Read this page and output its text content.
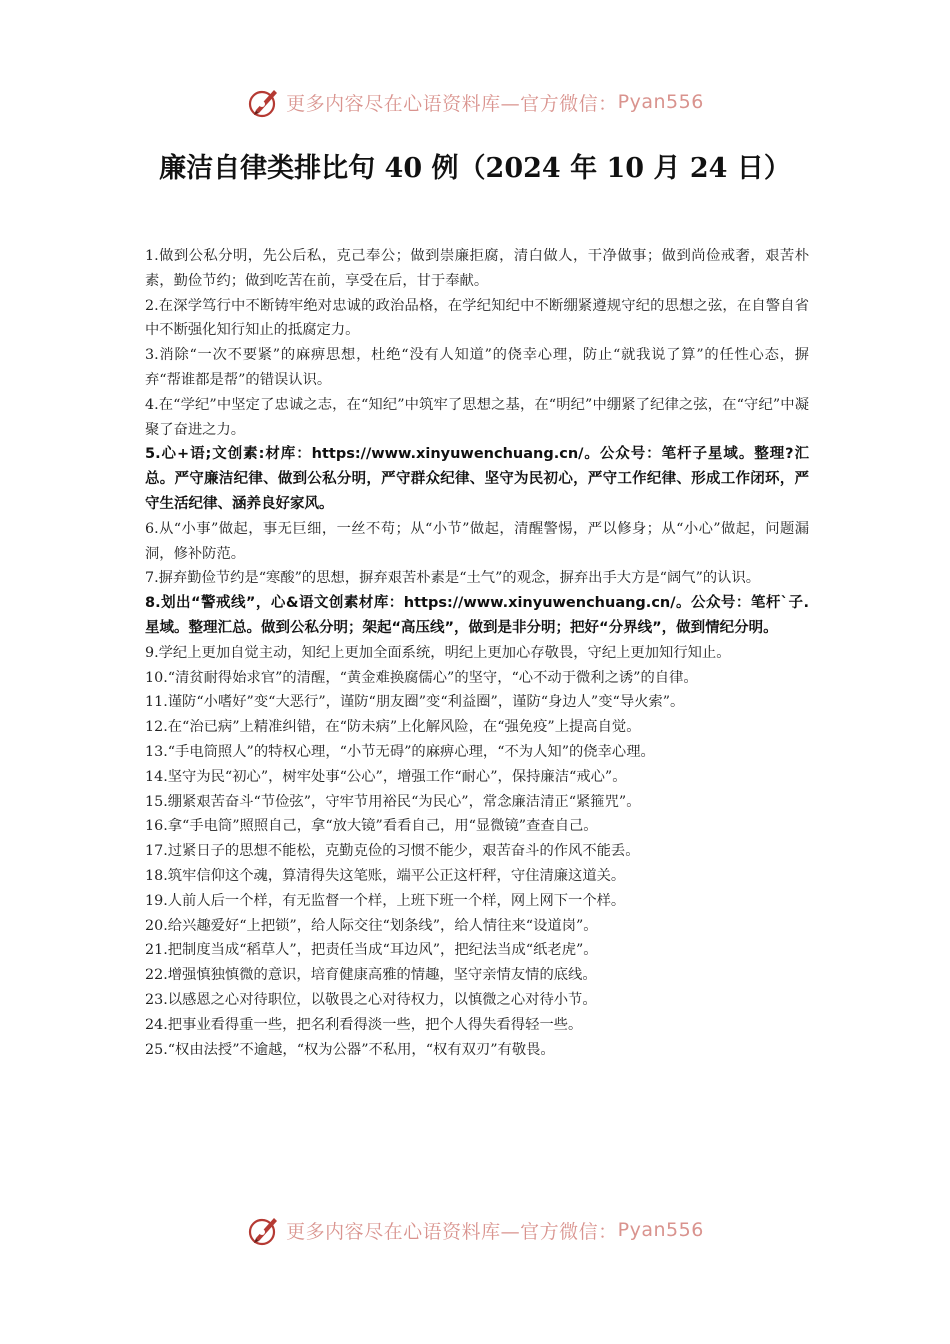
更多内容尽在心语资料库—官方微信： Pyan556
廉洁自律类排比句 40 例（2024 年 10 月 24 日）

1.做到公私分明，先公后私，克己奉公；做到崇廉拒腐，清白做人，干净做事；做到尚俭戒奢，艰苦朴素，勤俭节约；做到吃苦在前，享受在后，甘于奉献。

2.在深学笃行中不断铸牢绝对忠诚的政治品格，在学纪知纪中不断绷紧遵规守纪的思想之弦，在自警自省中不断强化知行知止的抵腐定力。

3.消除“一次不要紧”的麻痹思想，杜绝“没有人知道”的侥幸心理，防止“就我说了算”的任性心态，摒弃“帮谁都是帮”的错误认识。

4.在“学纪”中坚定了忠诚之志，在“知纪”中筑牢了思想之基，在“明纪”中绷紧了纪律之弦，在“守纪”中凝聚了奋进之力。

5.心+语;文创素:材库：https://www.xinyuwenchuang.cn/。公众号：笔杆子星域。整理?汇总。严守廉洁纪律、做到公私分明，严守群众纪律、坚守为民初心，严守工作纪律、形成工作闭环，严守生活纪律、涵养良好家风。

6.从“小事”做起，事无巨细，一丝不苟；从“小节”做起，清醒警惕，严以修身；从“小心”做起，问题漏洞，修补防范。

7.摒弃勤俭节约是“寒酸”的思想，摒弃艰苦朴素是“土气”的观念，摒弃出手大方是“阔气”的认识。

8.划出“警戒线”，心&语文创素材库：https://www.xinyuwenchuang.cn/。公众号：笔杆`子.星域。整理汇总。做到公私分明；架起“高压线”，做到是非分明；把好“分界线”，做到情纪分明。

9.学纪上更加自觉主动，知纪上更加全面系统，明纪上更加心存敬畏，守纪上更加知行知止。

10.“清贫耐得始求官”的清醒，“黄金难换腐儒心”的坚守，“心不动于微利之诱”的自律。

11.谨防“小嗜好”变“大恶行”，谨防“朋友圈”变“利益圈”，谨防“身边人”变“导火索”。

12.在“治已病”上精准纠错，在“防未病”上化解风险，在“强免疫”上提高自觉。

13.“手电筒照人”的特权心理，“小节无碍”的麻痹心理，“不为人知”的侥幸心理。

14.坚守为民“初心”，树牢处事“公心”，增强工作“耐心”，保持廉洁“戒心”。

15.绷紧艰苦奋斗“节俭弦”，守牢节用裕民“为民心”，常念廉洁清正“紧箍咒”。

16.拿“手电筒”照照自己，拿“放大镜”看看自己，用“显微镜”查查自己。

17.过紧日子的思想不能松，克勤克俭的习惯不能少，艰苦奋斗的作风不能丢。

18.筑牢信仰这个魂，算清得失这笔账，端平公正这杆秤，守住清廉这道关。

19.人前人后一个样，有无监督一个样，上班下班一个样，网上网下一个样。

20.给兴趣爱好“上把锁”，给人际交往“划条线”，给人情往来“设道岗”。

21.把制度当成“稻草人”，把责任当成“耳边风”，把纪法当成“纸老虎”。

22.增强慎独慎微的意识，培育健康高雅的情趣，坚守亲情友情的底线。

23.以感恩之心对待职位，以敬畏之心对待权力，以慎微之心对待小节。

24.把事业看得重一些，把名利看得淡一些，把个人得失看得轻一些。

25.“权由法授”不逾越，“权为公器”不私用，“权有双刃”有敬畏。

更多内容尽在心语资料库—官方微信： Pyan556
